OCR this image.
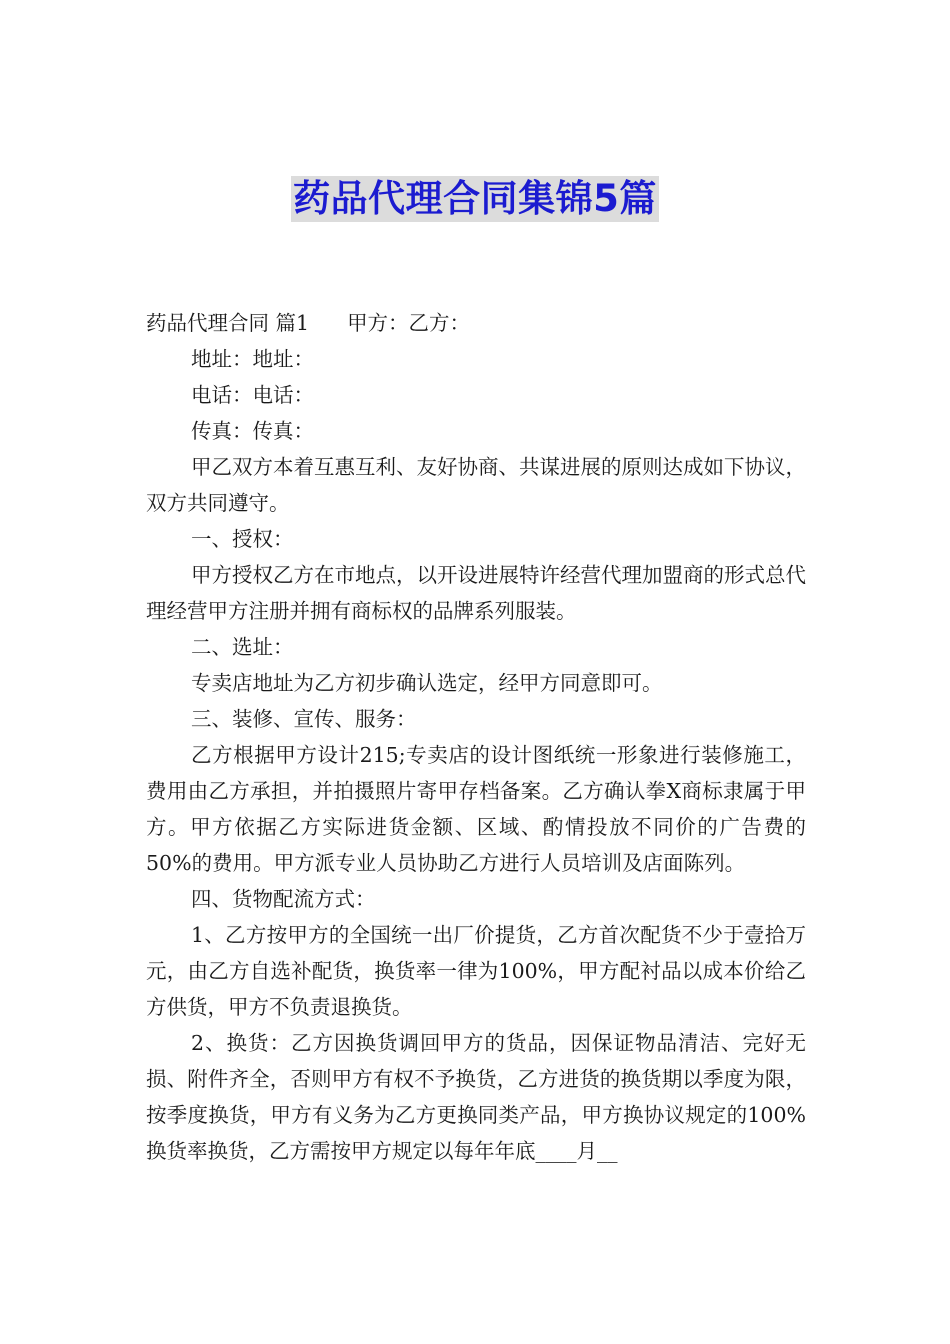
药品代理合同集锦5篇

药品代理合同 篇1 甲方：乙方：

地址：地址：

电话：电话：

传真：传真：

甲乙双方本着互惠互利、友好协商、共谋进展的原则达成如下协议，双方共同遵守。

一、授权：

甲方授权乙方在市地点，以开设进展特许经营代理加盟商的形式总代理经营甲方注册并拥有商标权的品牌系列服装。

二、选址：

专卖店地址为乙方初步确认选定，经甲方同意即可。

三、装修、宣传、服务：

乙方根据甲方设计215;专卖店的设计图纸统一形象进行装修施工，费用由乙方承担，并拍摄照片寄甲存档备案。乙方确认拳X商标隶属于甲方。甲方依据乙方实际进货金额、区域、酌情投放不同价的广告费的50%的费用。甲方派专业人员协助乙方进行人员培训及店面陈列。

四、货物配流方式：

1、乙方按甲方的全国统一出厂价提货，乙方首次配货不少于壹拾万元，由乙方自选补配货，换货率一律为100%，甲方配衬品以成本价给乙方供货，甲方不负责退换货。

2、换货：乙方因换货调回甲方的货品，因保证物品清洁、完好无损、附件齐全，否则甲方有权不予换货，乙方进货的换货期以季度为限，按季度换货，甲方有义务为乙方更换同类产品，甲方换协议规定的100%换货率换货，乙方需按甲方规定以每年年底____月__
